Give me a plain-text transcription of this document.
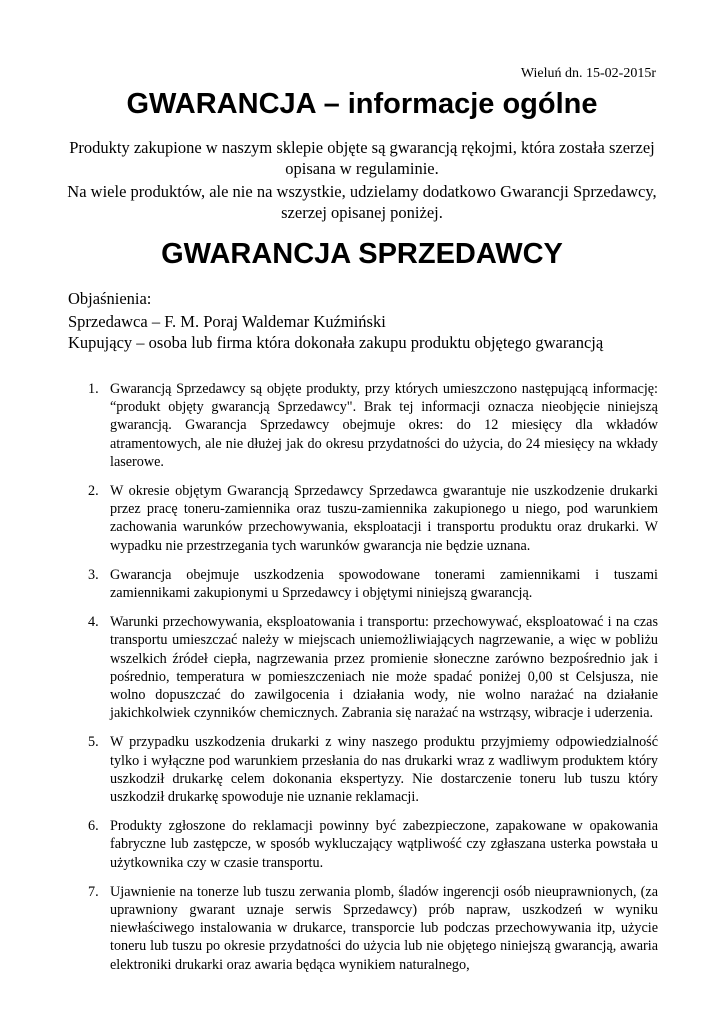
Wieluń dn. 15-02-2015r
GWARANCJA – informacje ogólne

Produkty zakupione w naszym sklepie objęte są gwarancją rękojmi, która została szerzej opisana w regulaminie.

Na wiele produktów, ale nie na wszystkie, udzielamy dodatkowo Gwarancji Sprzedawcy, szerzej opisanej poniżej.

GWARANCJA SPRZEDAWCY

Objaśnienia:

Sprzedawca – F. M. Poraj Waldemar Kuźmiński

Kupujący – osoba lub firma która dokonała zakupu produktu objętego gwarancją

1. Gwarancją Sprzedawcy są objęte produkty, przy których umieszczono następującą informację: “produkt objęty gwarancją Sprzedawcy". Brak tej informacji oznacza nieobjęcie niniejszą gwarancją. Gwarancja Sprzedawcy obejmuje okres: do 12 miesięcy dla wkładów atramentowych, ale nie dłużej jak do okresu przydatności do użycia, do 24 miesięcy na wkłady laserowe.
2. W okresie objętym Gwarancją Sprzedawcy Sprzedawca gwarantuje nie uszkodzenie drukarki przez pracę toneru-zamiennika oraz tuszu-zamiennika zakupionego u niego, pod warunkiem zachowania warunków przechowywania, eksploatacji i transportu produktu oraz drukarki. W wypadku nie przestrzegania tych warunków gwarancja nie będzie uznana.
3. Gwarancja obejmuje uszkodzenia spowodowane tonerami zamiennikami i tuszami zamiennikami zakupionymi u Sprzedawcy i objętymi niniejszą gwarancją.
4. Warunki przechowywania, eksploatowania i transportu: przechowywać, eksploatować i na czas transportu umieszczać należy w miejscach uniemożliwiających nagrzewanie, a więc w pobliżu wszelkich źródeł ciepła, nagrzewania przez promienie słoneczne zarówno bezpośrednio jak i pośrednio, temperatura w pomieszczeniach nie może spadać poniżej 0,00 st Celsjusza, nie wolno dopuszczać do zawilgocenia i działania wody, nie wolno narażać na działanie jakichkolwiek czynników chemicznych. Zabrania się narażać na wstrząsy, wibracje i uderzenia.
5. W przypadku uszkodzenia drukarki z winy naszego produktu przyjmiemy odpowiedzialność tylko i wyłączne pod warunkiem przesłania do nas drukarki wraz z wadliwym produktem który uszkodził drukarkę celem dokonania ekspertyzy. Nie dostarczenie toneru lub tuszu który uszkodził drukarkę spowoduje nie uznanie reklamacji.
6. Produkty zgłoszone do reklamacji powinny być zabezpieczone, zapakowane w opakowania fabryczne lub zastępcze, w sposób wykluczający wątpliwość czy zgłaszana usterka powstała u użytkownika czy w czasie transportu.
7. Ujawnienie na tonerze lub tuszu zerwania plomb, śladów ingerencji osób nieuprawnionych, (za uprawniony gwarant uznaje serwis Sprzedawcy) prób napraw, uszkodzeń w wyniku niewłaściwego instalowania w drukarce, transporcie lub podczas przechowywania itp, użycie toneru lub tuszu po okresie przydatności do użycia lub nie objętego niniejszą gwarancją, awaria elektroniki drukarki oraz awaria będąca wynikiem naturalnego,
